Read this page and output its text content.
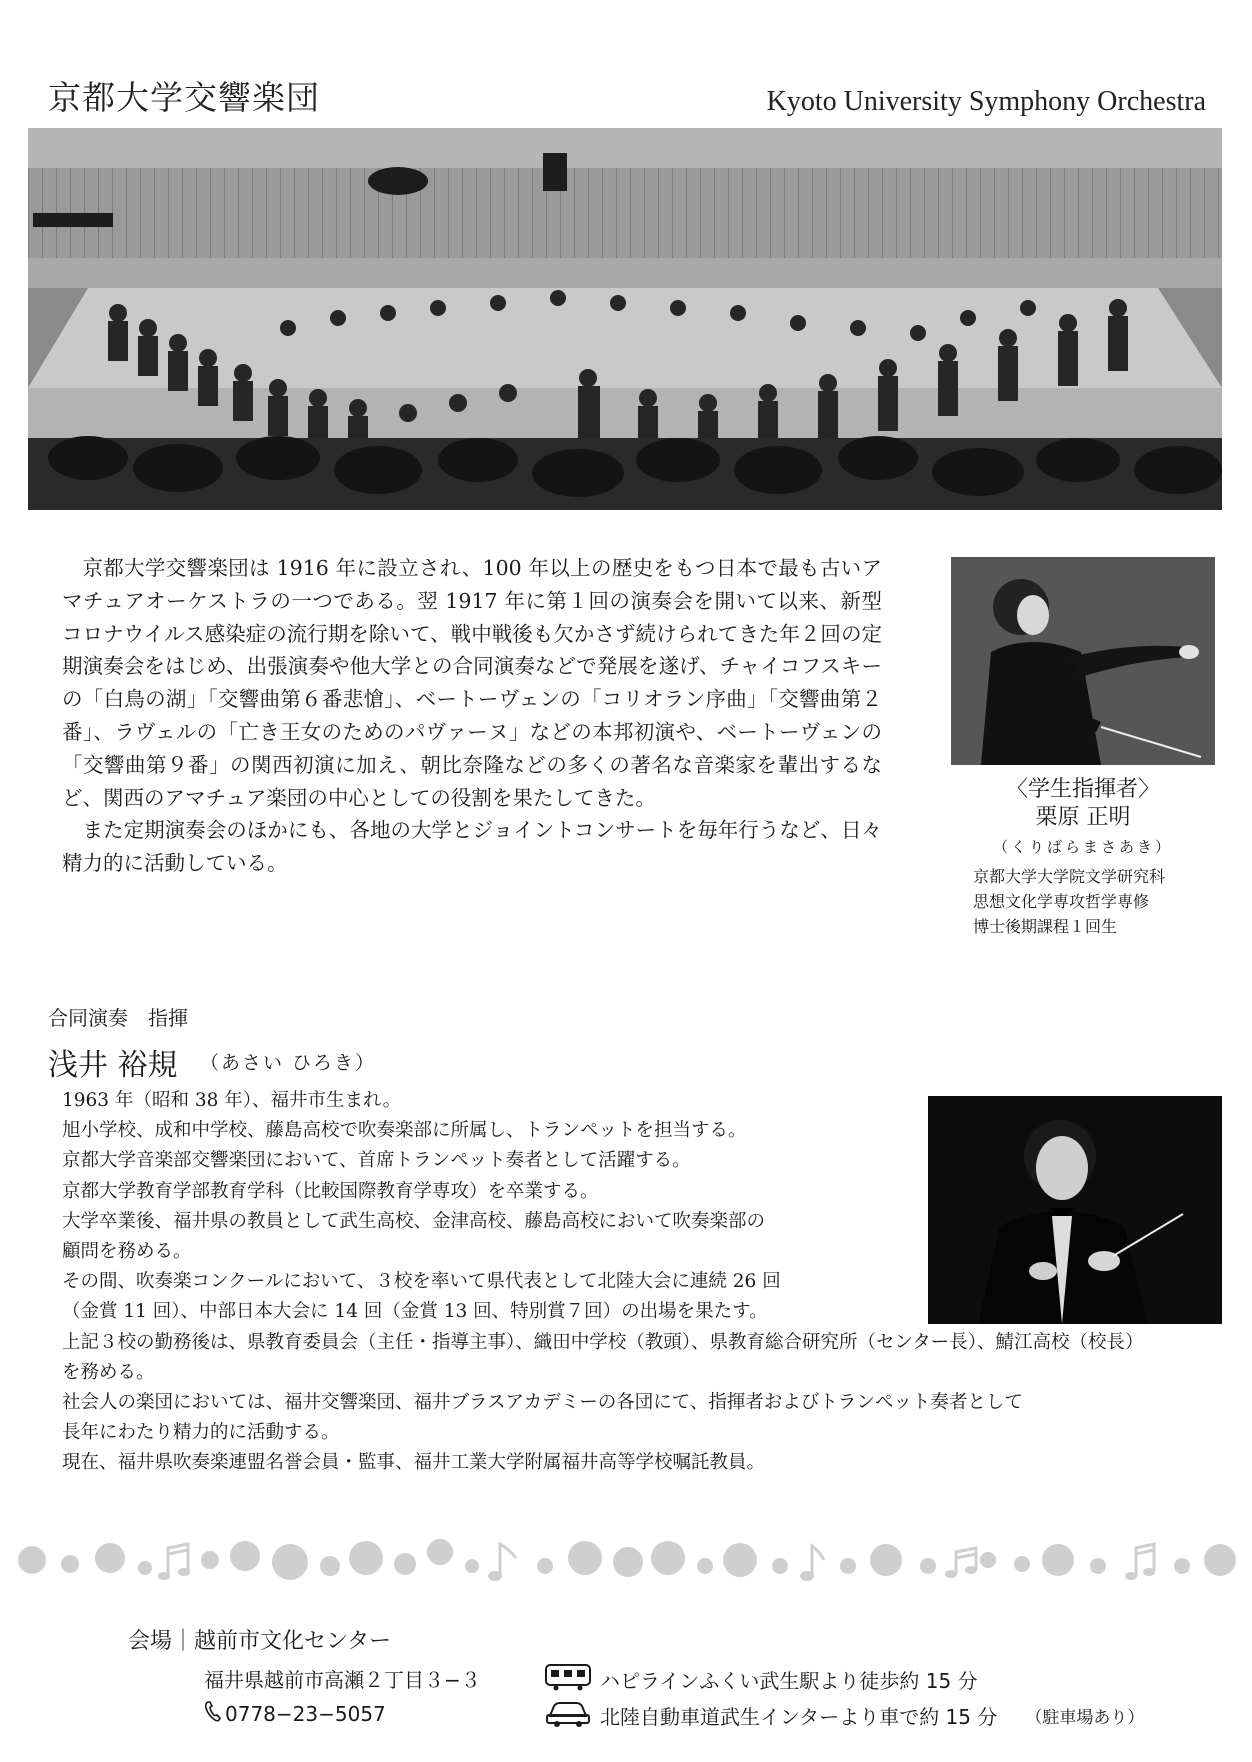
京都大学交響楽団	Kyoto University Symphony Orchestra

京都大学交響楽団は 1916 年に設立され、100 年以上の歴史をもつ日本で最も古いアマチュアオーケストラの一つである。翌 1917 年に第１回の演奏会を開いて以来、新型コロナウイルス感染症の流行期を除いて、戦中戦後も欠かさず続けられてきた年２回の定期演奏会をはじめ、出張演奏や他大学との合同演奏などで発展を遂げ、チャイコフスキーの「白鳥の湖」「交響曲第６番悲愴」、ベートーヴェンの「コリオラン序曲」「交響曲第２番」、ラヴェルの「亡き王女のためのパヴァーヌ」などの本邦初演や、ベートーヴェンの「交響曲第９番」の関西初演に加え、朝比奈隆などの多くの著名な音楽家を輩出するなど、関西のアマチュア楽団の中心としての役割を果たしてきた。

また定期演奏会のほかにも、各地の大学とジョイントコンサートを毎年行うなど、日々精力的に活動している。

〈学生指揮者〉
栗原 正明
（くりばらまさあき）
京都大学大学院文学研究科
思想文化学専攻哲学専修
博士後期課程１回生
合同演奏　指揮
浅井 裕規 （あさい ひろき）
1963 年（昭和 38 年）、福井市生まれ。
旭小学校、成和中学校、藤島高校で吹奏楽部に所属し、トランペットを担当する。
京都大学音楽部交響楽団において、首席トランペット奏者として活躍する。
京都大学教育学部教育学科（比較国際教育学専攻）を卒業する。
大学卒業後、福井県の教員として武生高校、金津高校、藤島高校において吹奏楽部の
顧問を務める。
その間、吹奏楽コンクールにおいて、３校を率いて県代表として北陸大会に連続 26 回
（金賞 11 回）、中部日本大会に 14 回（金賞 13 回、特別賞７回）の出場を果たす。
上記３校の勤務後は、県教育委員会（主任・指導主事）、織田中学校（教頭）、県教育総合研究所（センター長）、鯖江高校（校長）
を務める。
社会人の楽団においては、福井交響楽団、福井ブラスアカデミーの各団にて、指揮者およびトランペット奏者として
長年にわたり精力的に活動する。
現在、福井県吹奏楽連盟名誉会員・監事、福井工業大学附属福井高等学校嘱託教員。
会場｜越前市文化センター
福井県越前市高瀬２丁目３−３
0778−23−5057
ハピラインふくい武生駅より徒歩約 15 分
北陸自動車道武生インターより車で約 15 分 （駐車場あり）
